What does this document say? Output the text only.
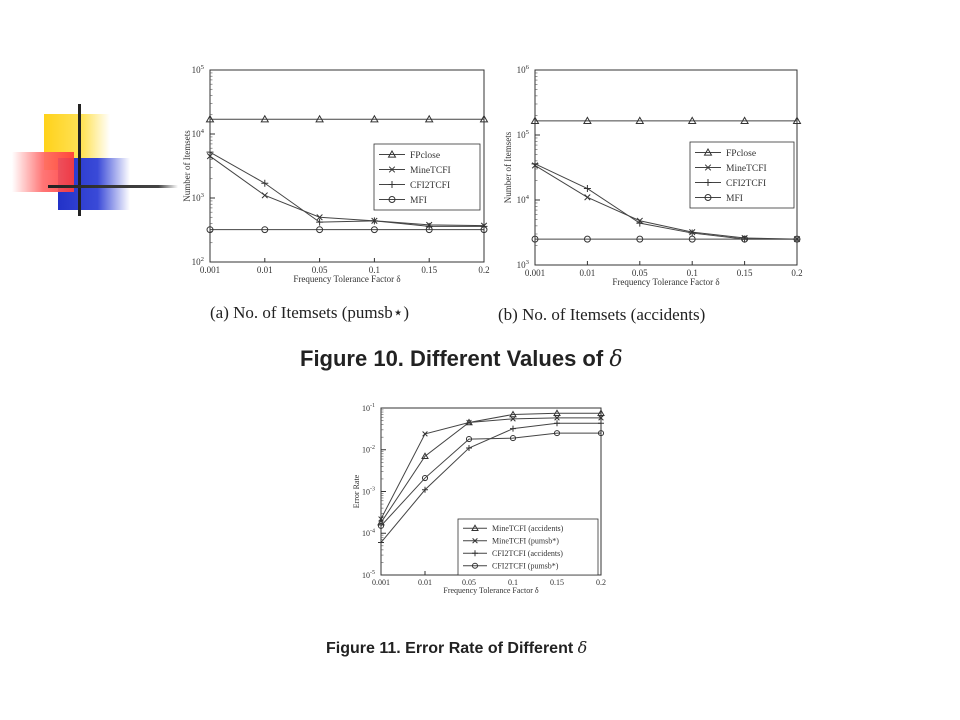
0.001	0.01	0.05	0.1	0.15	0.2
$10^2$
$10^3$
$10^4$
$10^5$
Frequency Tolerance Factor δ
Number of Itemsets	FPclose
MineTCFI
CFI2TCFI
MFI
0.001	0.01	0.05	0.1	0.15	0.2
$10^3$
$10^4$
$10^5$
$10^6$
Frequency Tolerance Factor δ
Number of Itemsets	FPclose
MineTCFI
CFI2TCFI
MFI
0.001	0.01	0.05	0.1	0.15	0.2
$10^{-5}$
$10^{-4}$
$10^{-3}$
$10^{-2}$
$10^{-1}$
Frequency Tolerance Factor δ
Error Rate
MineTCFI (accidents)
MineTCFI (pumsb*)
CFI2TCFI (accidents)
CFI2TCFI (pumsb*)
(a) No. of Itemsets (pumsb⋆)	(b) No. of Itemsets (accidents)
Figure 10. Different Values of δ
Figure 11. Error Rate of Different δ
